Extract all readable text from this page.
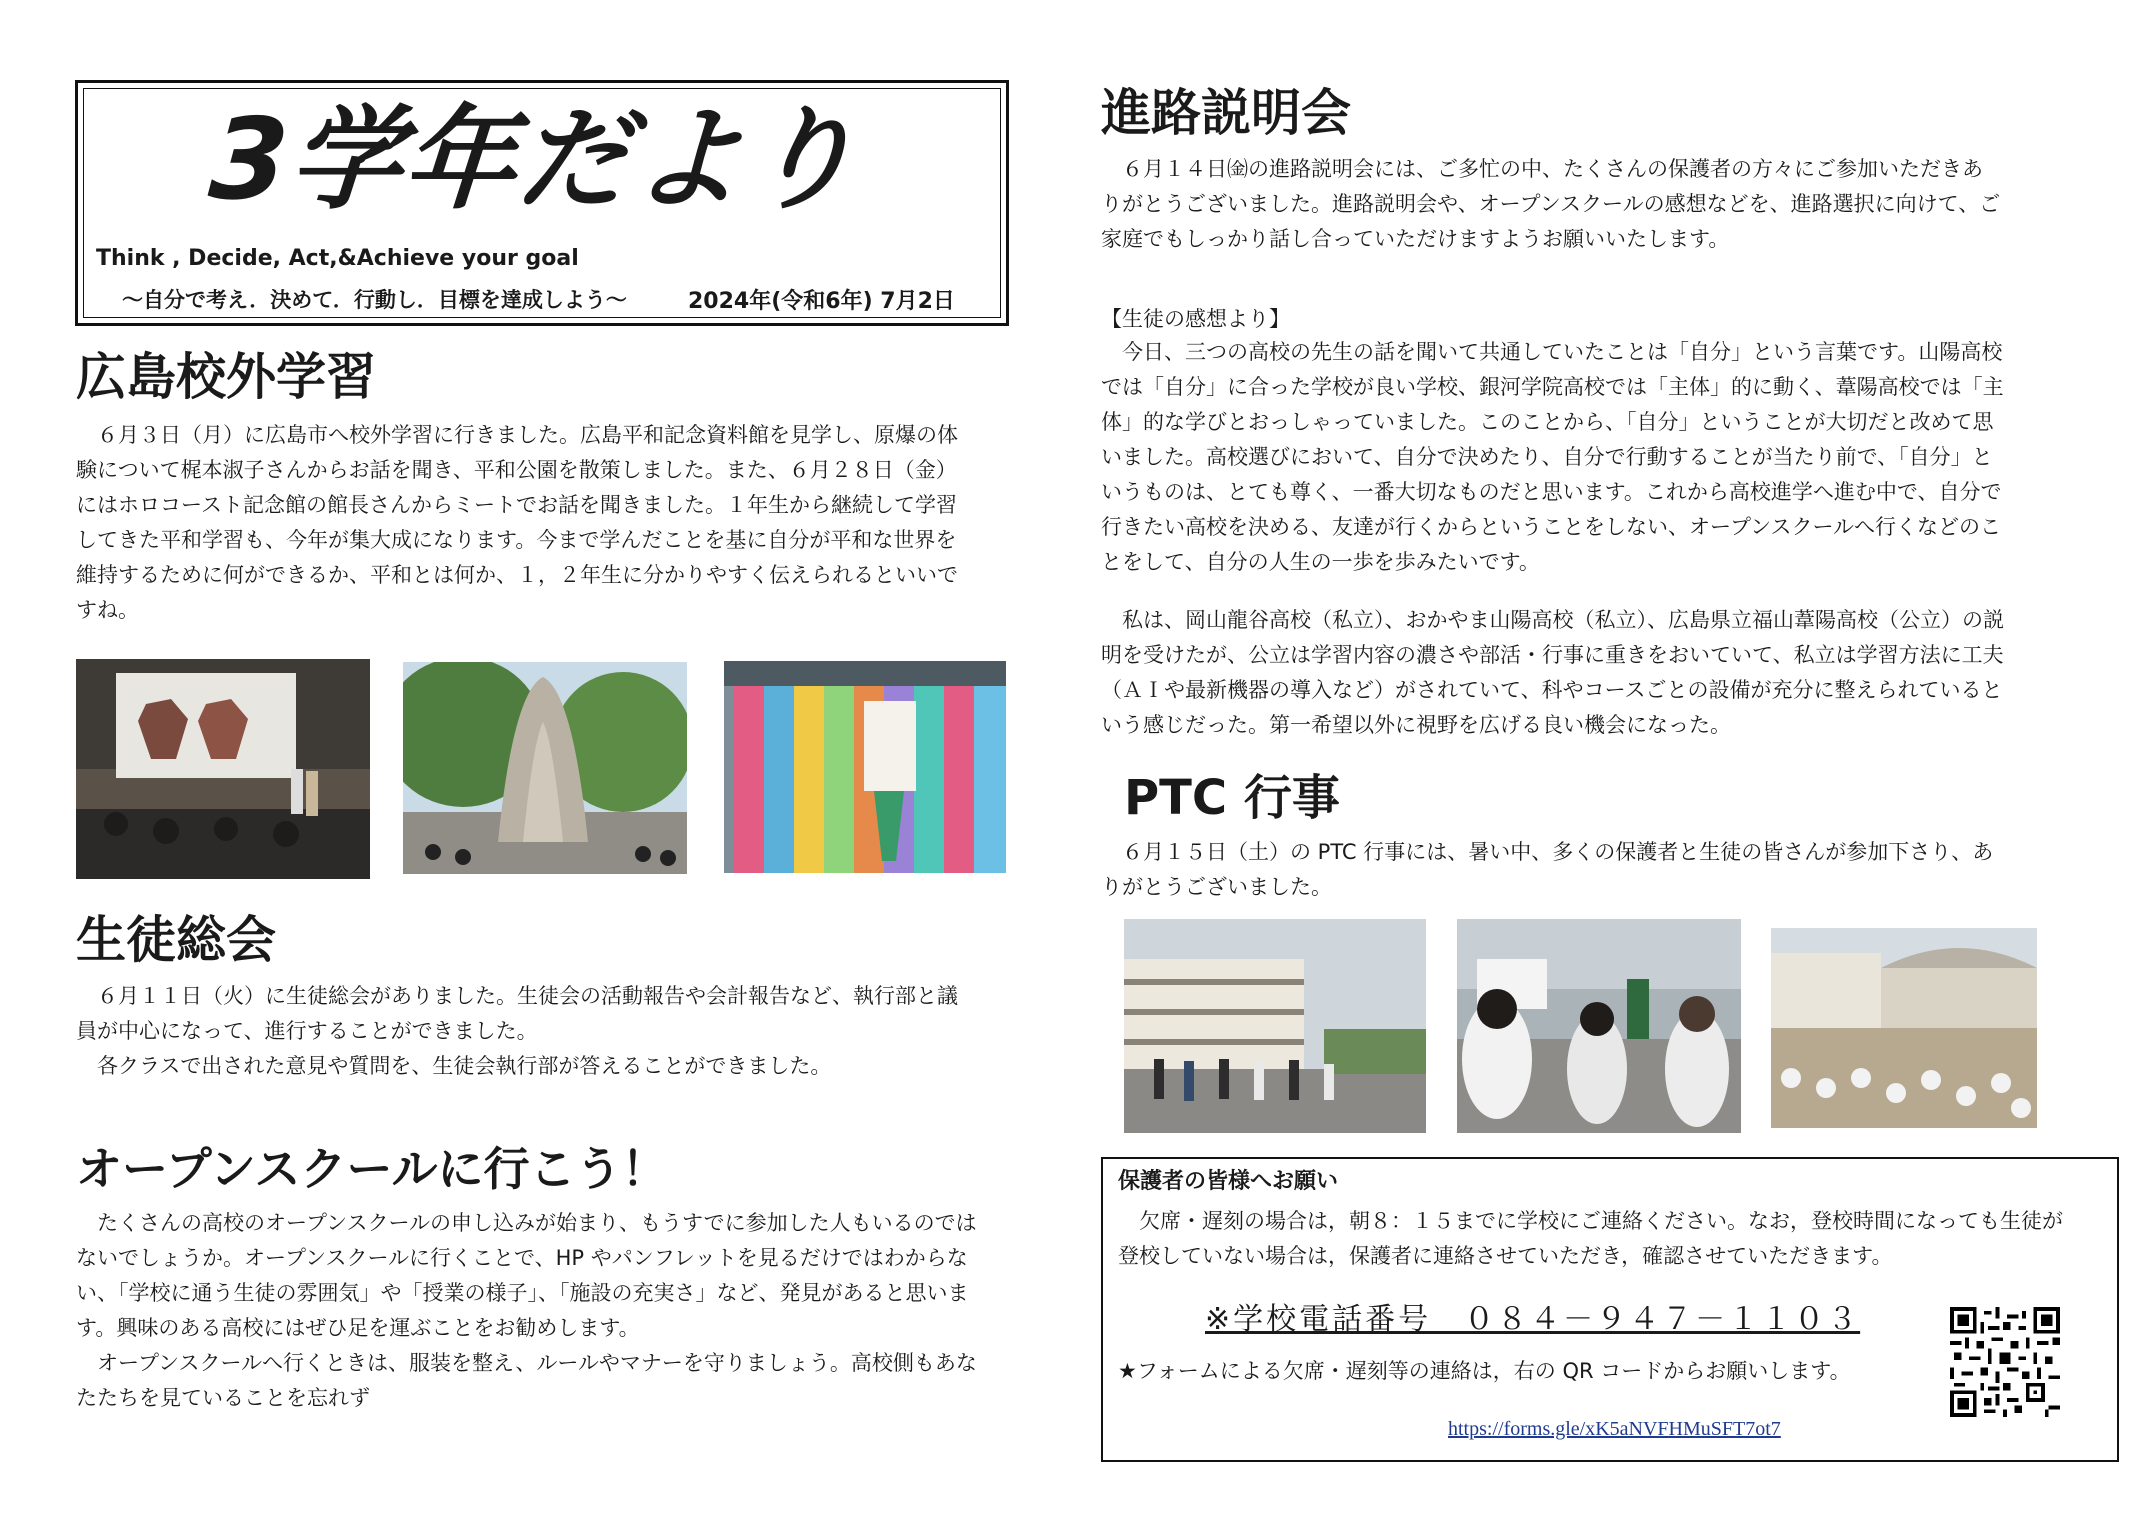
3学年だより
Think , Decide, Act,&Achieve your goal
～自分で考え．決めて．行動し．目標を達成しよう～	2024年(令和6年) 7月2日
広島校外学習
　６月３日（月）に広島市へ校外学習に行きました。広島平和記念資料館を見学し、原爆の体
験について梶本淑子さんからお話を聞き、平和公園を散策しました。また、６月２８日（金）
にはホロコースト記念館の館長さんからミートでお話を聞きました。１年生から継続して学習
してきた平和学習も、今年が集大成になります。今まで学んだことを基に自分が平和な世界を
維持するために何ができるか、平和とは何か、１，２年生に分かりやすく伝えられるといいで
すね。
生徒総会
　６月１１日（火）に生徒総会がありました。生徒会の活動報告や会計報告など、執行部と議
員が中心になって、進行することができました。
　各クラスで出された意見や質問を、生徒会執行部が答えることができました。
オープンスクールに行こう！
　たくさんの高校のオープンスクールの申し込みが始まり、もうすでに参加した人もいるのでは
ないでしょうか。オープンスクールに行くことで、HP やパンフレットを見るだけではわからな
い、「学校に通う生徒の雰囲気」や「授業の様子」、「施設の充実さ」など、発見があると思いま
す。興味のある高校にはぜひ足を運ぶことをお勧めします。
　オープンスクールへ行くときは、服装を整え、ルールやマナーを守りましょう。高校側もあな
たたちを見ていることを忘れず
進路説明会
　６月１４日㈮の進路説明会には、ご多忙の中、たくさんの保護者の方々にご参加いただきあ
りがとうございました。進路説明会や、オープンスクールの感想などを、進路選択に向けて、ご
家庭でもしっかり話し合っていただけますようお願いいたします。
【生徒の感想より】
　今日、三つの高校の先生の話を聞いて共通していたことは「自分」という言葉です。山陽高校
では「自分」に合った学校が良い学校、銀河学院高校では「主体」的に動く、葦陽高校では「主
体」的な学びとおっしゃっていました。このことから、「自分」ということが大切だと改めて思
いました。高校選びにおいて、自分で決めたり、自分で行動することが当たり前で、「自分」と
いうものは、とても尊く、一番大切なものだと思います。これから高校進学へ進む中で、自分で
行きたい高校を決める、友達が行くからということをしない、オープンスクールへ行くなどのこ
とをして、自分の人生の一歩を歩みたいです。
　私は、岡山龍谷高校（私立）、おかやま山陽高校（私立）、広島県立福山葦陽高校（公立）の説
明を受けたが、公立は学習内容の濃さや部活・行事に重きをおいていて、私立は学習方法に工夫
（ＡＩや最新機器の導入など）がされていて、科やコースごとの設備が充分に整えられていると
いう感じだった。第一希望以外に視野を広げる良い機会になった。
PTC 行事
　６月１５日（土）の PTC 行事には、暑い中、多くの保護者と生徒の皆さんが参加下さり、あ
りがとうございました。
保護者の皆様へお願い
　欠席・遅刻の場合は，朝８：１５までに学校にご連絡ください。なお，登校時間になっても生徒が
登校していない場合は，保護者に連絡させていただき，確認させていただきます。
※学校電話番号　０８４－９４７－１１０３
★フォームによる欠席・遅刻等の連絡は，右の QR コードからお願いします。
https://forms.gle/xK5aNVFHMuSFT7ot7
